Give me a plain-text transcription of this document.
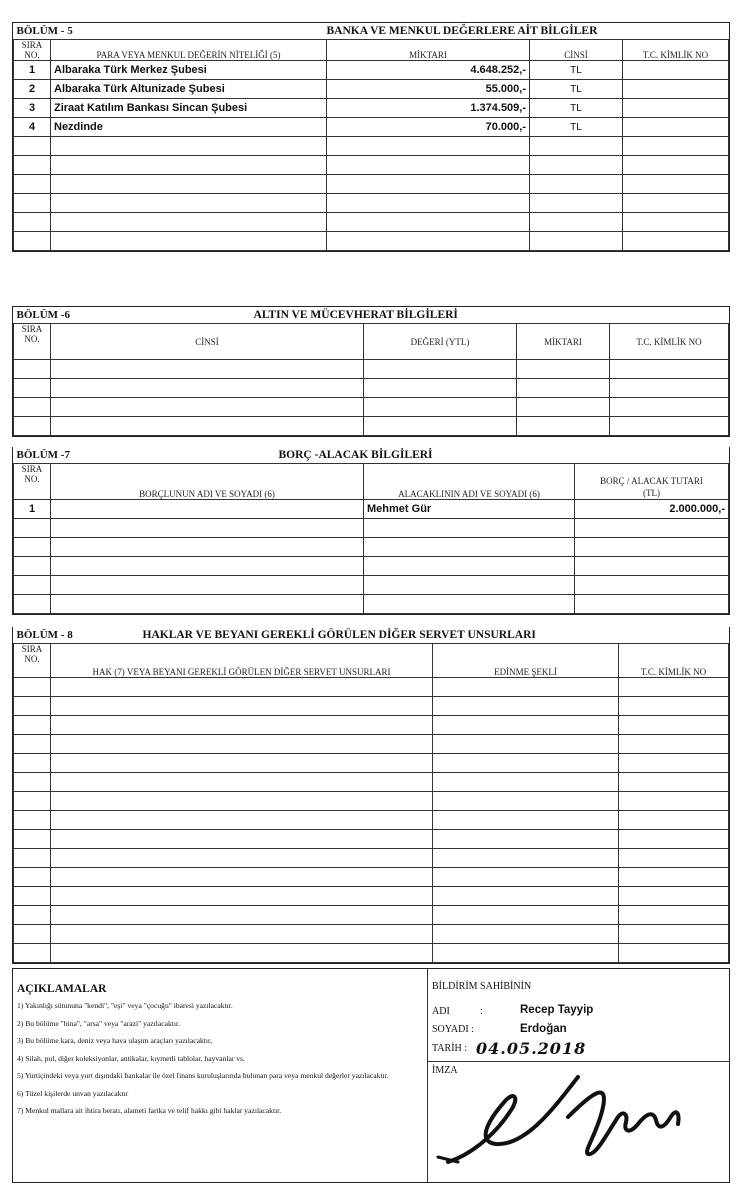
BÖLÜM - 5		BANKA VE MENKUL DEĞERLERE AİT BİLGİLER		
SIRA
NO.	PARA VEYA MENKUL DEĞERİN NİTELİĞİ (5)	MİKTARI	CİNSİ	T.C. KİMLİK NO
1	Albaraka Türk Merkez Şubesi	4.648.252,-	TL	
2	Albaraka Türk Altunizade Şubesi	55.000,-	TL	
3	Ziraat Katılım Bankası Sincan Şubesi	1.374.509,-	TL	
4	Nezdinde	70.000,-	TL	

BÖLÜM -6	ALTIN VE MÜCEVHERAT BİLGİLERİ
SIRA
NO.	CİNSİ	DEĞERİ (YTL)	MİKTARI	T.C. KİMLİK NO

BÖLÜM -7	BORÇ -ALACAK BİLGİLERİ
SIRA
NO.	BORÇLUNUN ADI VE SOYADI (6)	ALACAKLININ ADI VE SOYADI (6)	BORÇ / ALACAK TUTARI
(TL)
1		Mehmet Gür	2.000.000,-

BÖLÜM - 8	HAKLAR VE BEYANI GEREKLİ GÖRÜLEN DİĞER SERVET UNSURLARI
SIRA
NO.	HAK (7) VEYA BEYANI GEREKLİ GÖRÜLEN DİĞER SERVET UNSURLARI	EDİNME ŞEKLİ	T.C. KİMLİK NO

AÇIKLAMALAR
1) Yakınlığı sütununa "kendi", "eşi" veya "çocuğu" ibaresi yazılacaktır.
2) Bu bölüme "bina", "arsa" veya "arazi" yazılacaktır.
3) Bu bölüme kara, deniz veya hava ulaşım araçları yazılacaktır,
4) Silah, pul, diğer koleksiyonlar, antikalar, kıymetli tablolar, hayvanlar vs.
5) Yurtiçindeki veya yurt dışındaki bankalar ile özel finans kuruluşlarında bulunan para veya menkul değerler yazılacaktır.
6) Tüzel kişilerde unvan yazılacaktır
7) Menkul mallara ait ihtira beratı, alameti farika ve telif hakkı gibi haklar yazılacaktır.
BİLDİRİM SAHİBİNİN
ADI	:	Recep Tayyip
SOYADI :	Erdoğan
TARİH : 04.05.2018
İMZA
